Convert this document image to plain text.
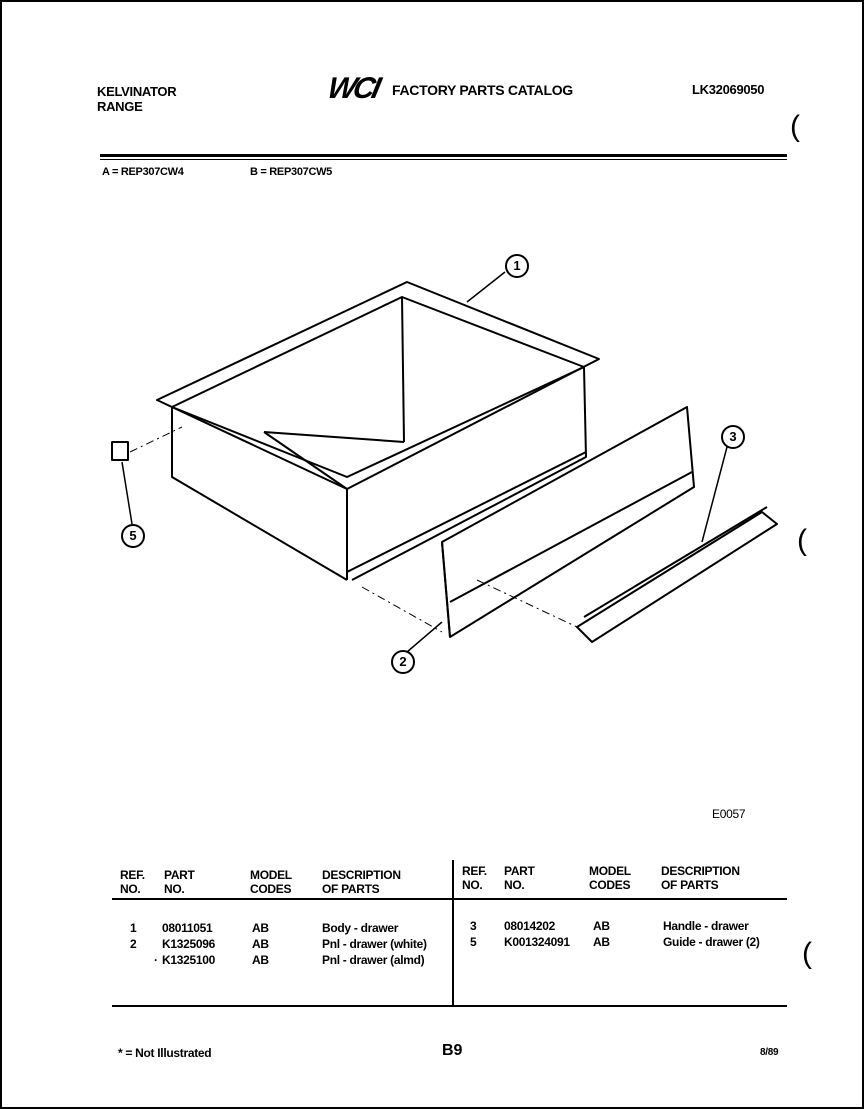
KELVINATOR
RANGE
WCI FACTORY PARTS CATALOG	LK32069050
(
(
(
A = REP307CW4	B = REP307CW5
1
2
3
5
E0057
REF. NO.
PART NO.
MODEL CODES
DESCRIPTION OF PARTS
REF. NO.
PART NO.
MODEL CODES
DESCRIPTION OF PARTS
1 08011051	AB	Body - drawer
2 K1325096	AB	Pnl - drawer (white)
· K1325100	AB	Pnl - drawer (almd)
3 08014202	AB	Handle - drawer
5 K001324091 AB	Guide - drawer (2)
* = Not Illustrated	B9	8/89
